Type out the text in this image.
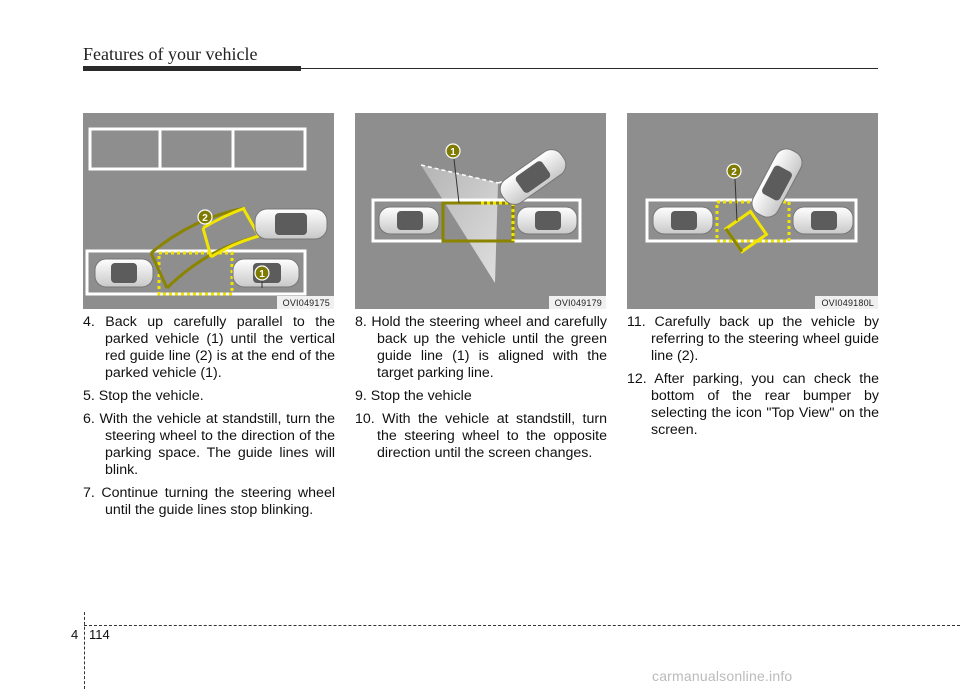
Features of your vehicle
2
1
OVI049175
1
OVI049179
2
OVI049180L

4. Back up carefully parallel to the parked vehicle (1) until the vertical red guide line (2) is at the end of the parked vehicle (1).

5. Stop the vehicle.

6. With the vehicle at standstill, turn the steering wheel to the direction of the parking space. The guide lines will blink.

7. Continue turning the steering wheel until the guide lines stop blinking.

8. Hold the steering wheel and carefully back up the vehicle until the green guide line (1) is aligned with the target parking line.

9. Stop the vehicle

10. With the vehicle at standstill, turn the steering wheel to the opposite direction until the screen changes.

11. Carefully back up the vehicle by referring to the steering wheel guide line (2).

12. After parking, you can check the bottom of the rear bumper by selecting the icon "Top View" on the screen.

4 114
carmanualsonline.info
